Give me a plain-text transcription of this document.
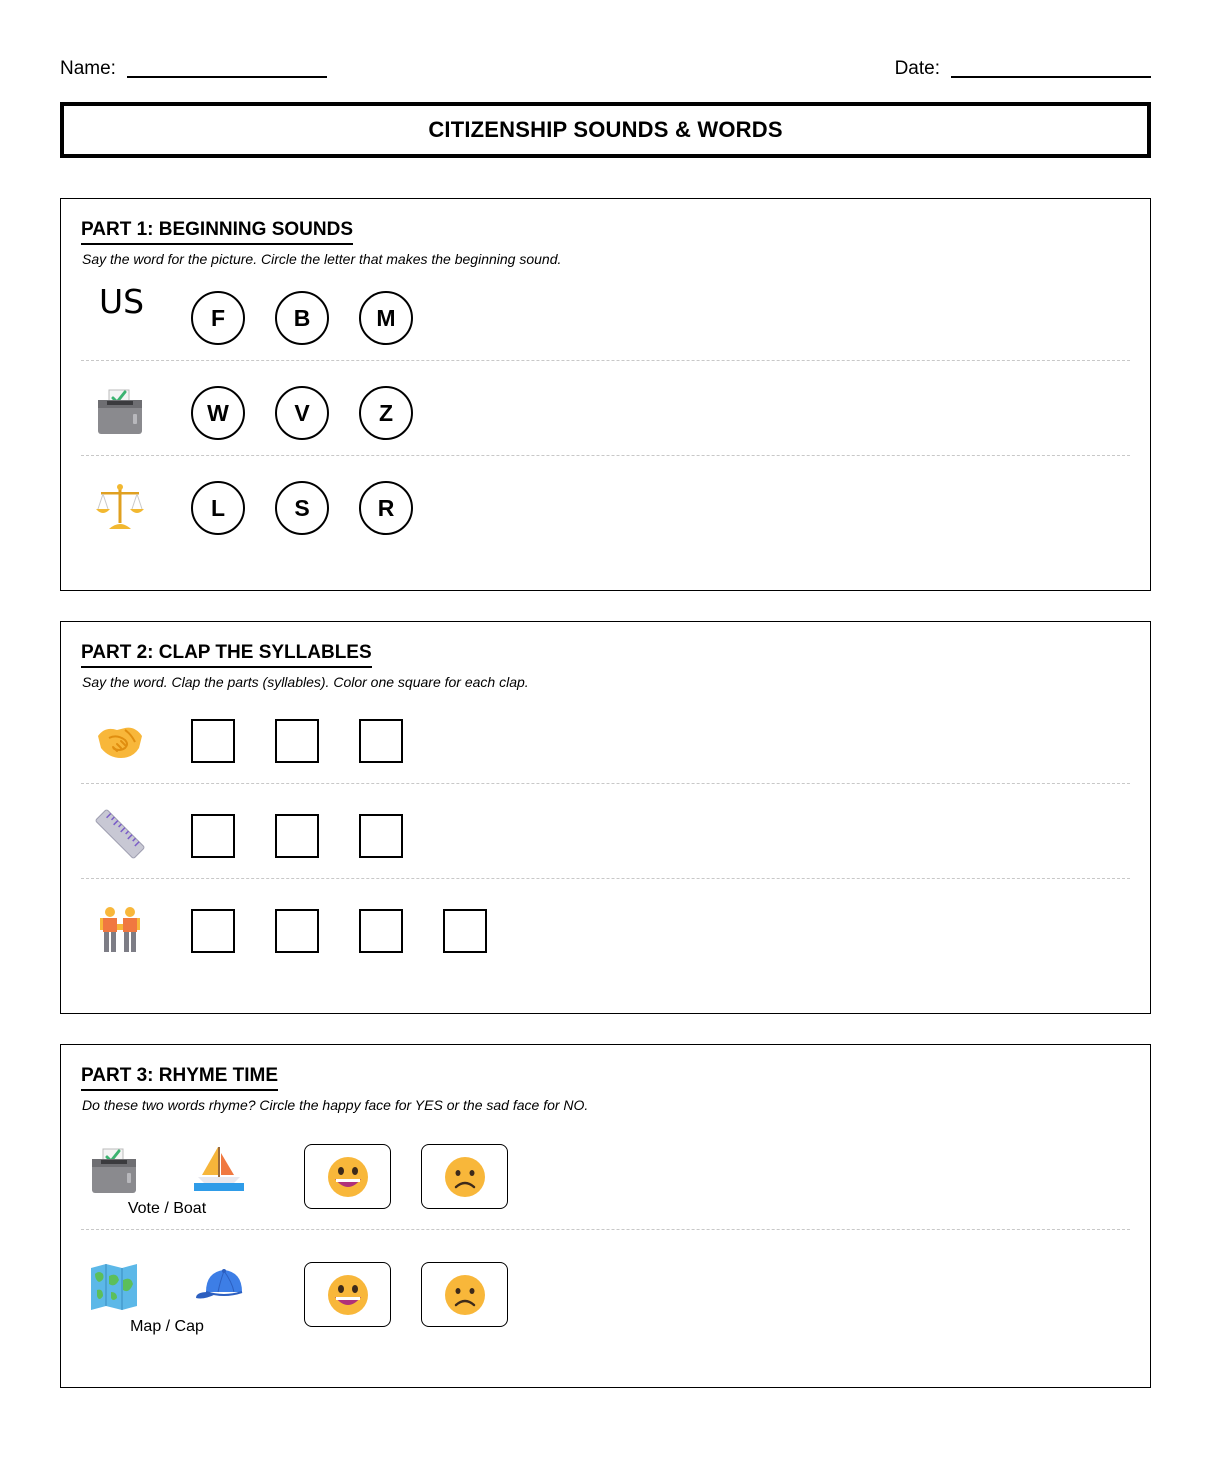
Name:	Date:
CITIZENSHIP SOUNDS & WORDS
PART 1: BEGINNING SOUNDS
Say the word for the picture. Circle the letter that makes the beginning sound.
US	F	B	M
W	V	Z
L	S	R
PART 2: CLAP THE SYLLABLES
Say the word. Clap the parts (syllables). Color one square for each clap.
PART 3: RHYME TIME
Do these two words rhyme? Circle the happy face for YES or the sad face for NO.
Vote / Boat
Map / Cap
